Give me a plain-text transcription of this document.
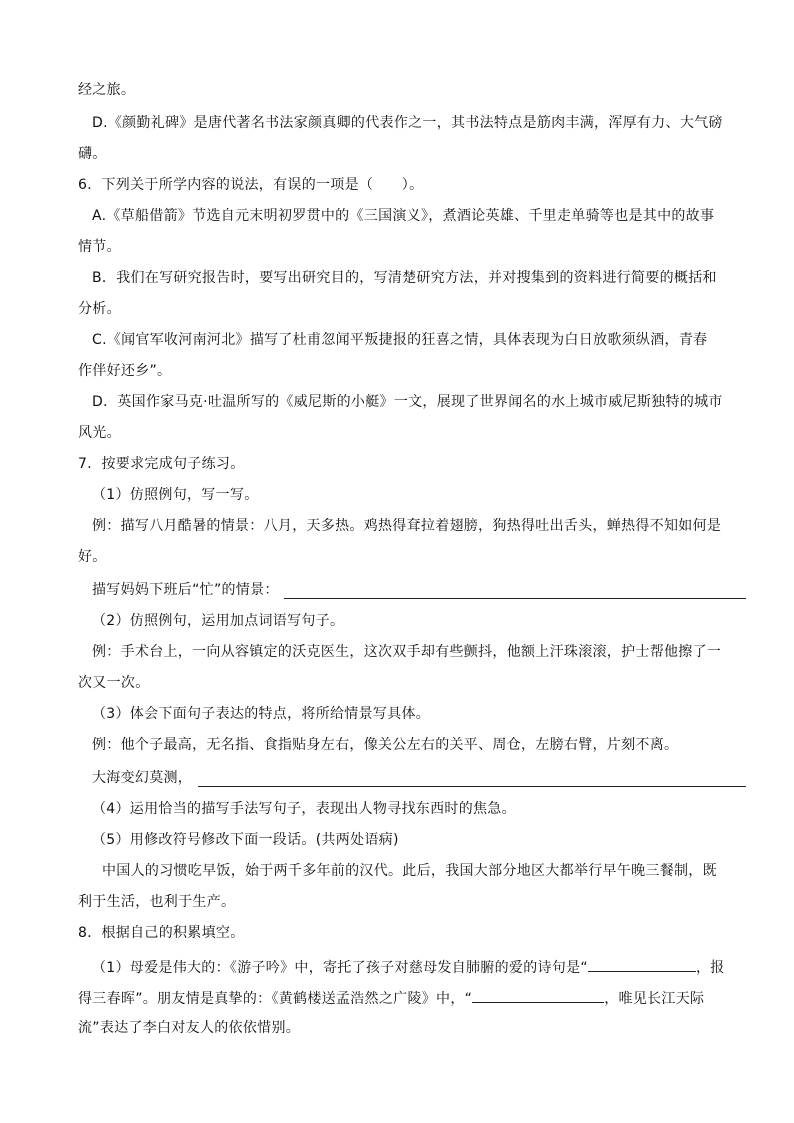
经之旅。
D.《颜勤礼碑》是唐代著名书法家颜真卿的代表作之一，其书法特点是筋肉丰满，浑厚有力、大气磅
礴。
6．下列关于所学内容的说法，有误的一项是（　　）。
A.《草船借箭》节选自元末明初罗贯中的《三国演义》，煮酒论英雄、千里走单骑等也是其中的故事
情节。
B．我们在写研究报告时，要写出研究目的，写清楚研究方法，并对搜集到的资料进行简要的概括和
分析。
C.《闻官军收河南河北》描写了杜甫忽闻平叛捷报的狂喜之情，具体表现为白日放歌须纵酒，青春
作伴好还乡”。
D．英国作家马克·吐温所写的《威尼斯的小艇》一文，展现了世界闻名的水上城市威尼斯独特的城市
风光。
7．按要求完成句子练习。
（1）仿照例句，写一写。
例：描写八月酷暑的情景：八月，天多热。鸡热得耷拉着翅膀，狗热得吐出舌头，蝉热得不知如何是
好。
描写妈妈下班后“忙”的情景：
（2）仿照例句，运用加点词语写句子。
例：手术台上，一向从容镇定的沃克医生，这次双手却有些颤抖，他额上汗珠滚滚，护士帮他擦了一
次又一次。
（3）体会下面句子表达的特点，将所给情景写具体。
例：他个子最高，无名指、食指贴身左右，像关公左右的关平、周仓，左膀右臂，片刻不离。
大海变幻莫测，
（4）运用恰当的描写手法写句子，表现出人物寻找东西时的焦急。
（5）用修改符号修改下面一段话。(共两处语病)
中国人的习惯吃早饭，始于两千多年前的汉代。此后，我国大部分地区大都举行早午晚三餐制，既
利于生活，也利于生产。
8．根据自己的积累填空。
（1）母爱是伟大的：《游子吟》中，寄托了孩子对慈母发自肺腑的爱的诗句是“	，报
得三春晖”。朋友情是真挚的：《黄鹤楼送孟浩然之广陵》中，“	，唯见长江天际
流”表达了李白对友人的依依惜别。
